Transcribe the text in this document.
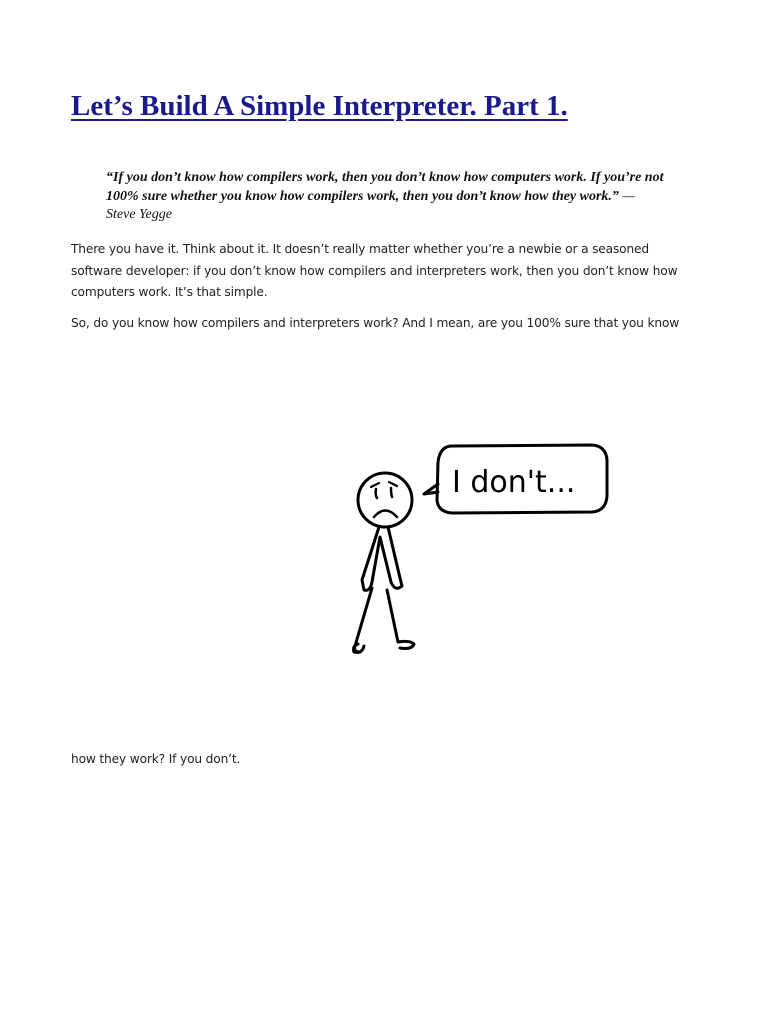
Let’s Build A Simple Interpreter. Part 1.

“If you don’t know how compilers work, then you don’t know how computers work. If you’re not 100% sure whether you know how compilers work, then you don’t know how they work.” — Steve Yegge

There you have it. Think about it. It doesn’t really matter whether you’re a newbie or a seasoned
software developer: if you don’t know how compilers and interpreters work, then you don’t know how
computers work. It’s that simple.
So, do you know how compilers and interpreters work? And I mean, are you 100% sure that you know
I don't...
how they work? If you don’t.
